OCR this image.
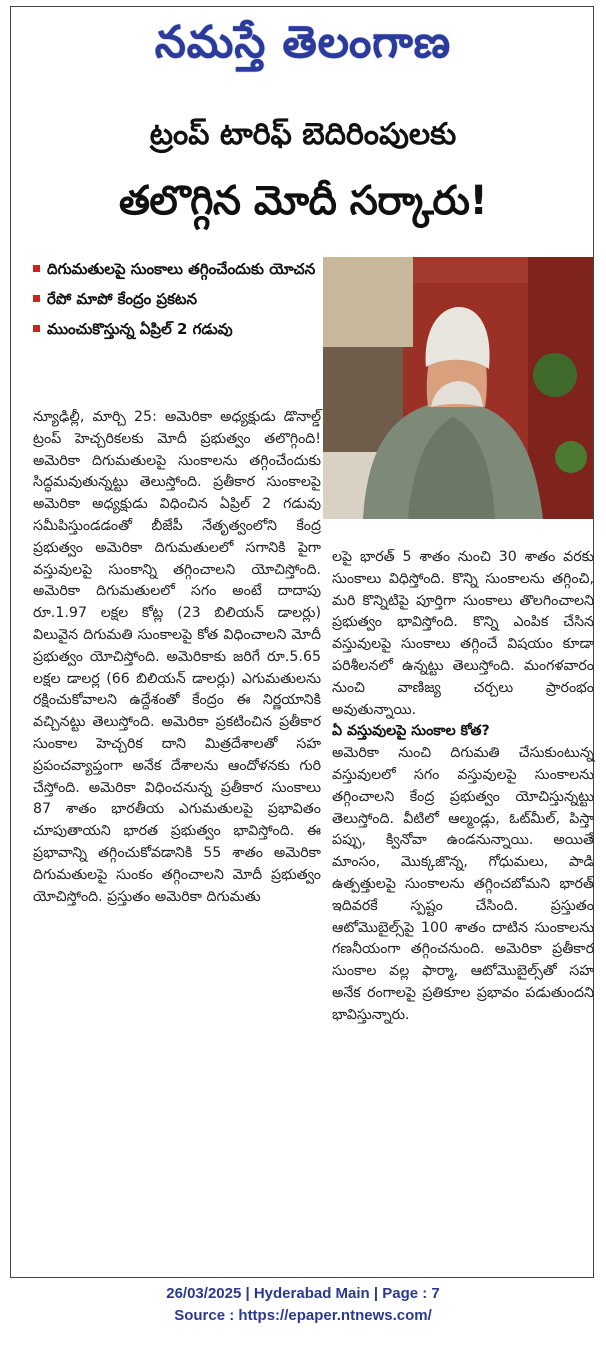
నమస్తే తెలంగాణ
ట్రంప్ టారిఫ్ బెదిరింపులకు
తలొగ్గిన మోదీ సర్కారు!
దిగుమతులపై సుంకాలు తగ్గించేందుకు యోచన
రేపో మాపో కేంద్రం ప్రకటన
ముంచుకొస్తున్న ఏప్రిల్ 2 గడువు

న్యూఢిల్లీ, మార్చి 25: అమెరికా అధ్యక్షుడు డొనాల్డ్ ట్రంప్ హెచ్చరికలకు మోదీ ప్రభుత్వం తలొగ్గింది! అమెరికా దిగుమతులపై సుంకాలను తగ్గించేందుకు సిద్ధమవుతున్నట్టు తెలుస్తోంది. ప్రతీకార సుంకాలపై అమెరికా అధ్యక్షుడు విధించిన ఏప్రిల్ 2 గడువు సమీపిస్తుండడంతో బీజేపీ నేతృత్వంలోని కేంద్ర ప్రభుత్వం అమెరికా దిగుమతులలో సగానికి పైగా వస్తువులపై సుంకాన్ని తగ్గించాలని యోచిస్తోంది. అమెరికా దిగుమతులలో సగం అంటే దాదాపు రూ.1.97 లక్షల కోట్ల (23 బిలియన్ డాలర్లు) విలువైన దిగుమతి సుంకాలపై కోత విధించాలని మోదీ ప్రభుత్వం యోచిస్తోంది. అమెరికాకు జరిగే రూ.5.65 లక్షల డాలర్ల (66 బిలియన్ డాలర్లు) ఎగుమతులను రక్షించుకోవాలని ఉద్దేశంతో కేంద్రం ఈ నిర్ణయానికి వచ్చినట్టు తెలుస్తోంది. అమెరికా ప్రకటించిన ప్రతీకార సుంకాల హెచ్చరిక దాని మిత్రదేశాలతో సహ ప్రపంచవ్యాప్తంగా అనేక దేశాలను ఆందోళనకు గురి చేస్తోంది. అమెరికా విధించనున్న ప్రతీకార సుంకాలు 87 శాతం భారతీయ ఎగుమతులపై ప్రభావితం చూపుతాయని భారత ప్రభుత్వం భావిస్తోంది. ఈ ప్రభావాన్ని తగ్గించుకోవడానికి 55 శాతం అమెరికా దిగుమతులపై సుంకం తగ్గించాలని మోదీ ప్రభుత్వం యోచిస్తోంది. ప్రస్తుతం అమెరికా దిగుమతు

లపై భారత్ 5 శాతం నుంచి 30 శాతం వరకు సుంకాలు విధిస్తోంది. కొన్ని సుంకాలను తగ్గించి, మరి కొన్నిటిపై పూర్తిగా సుంకాలు తొలగించాలని ప్రభుత్వం భావిస్తోంది. కొన్ని ఎంపిక చేసిన వస్తువులపై సుంకాలు తగ్గించే విషయం కూడా పరిశీలనలో ఉన్నట్టు తెలుస్తోంది. మంగళవారం నుంచి వాణిజ్య చర్చలు ప్రారంభం అవుతున్నాయి.

ఏ వస్తువులపై సుంకాల కోత?

అమెరికా నుంచి దిగుమతి చేసుకుంటున్న వస్తువులలో సగం వస్తువులపై సుంకాలను తగ్గించాలని కేంద్ర ప్రభుత్వం యోచిస్తున్నట్టు తెలుస్తోంది. వీటిలో ఆల్మండ్లు, ఓట్‌మీల్, పిస్తా పప్పు, క్వినోవా ఉండనున్నాయి. అయితే మాంసం, మొక్కజొన్న, గోధుమలు, పాడి ఉత్పత్తులపై సుంకాలను తగ్గించబోమని భారత్ ఇదివరకే స్పష్టం చేసింది. ప్రస్తుతం ఆటోమొబైల్స్‌పై 100 శాతం దాటిన సుంకాలను గణనీయంగా తగ్గించనుంది. అమెరికా ప్రతీకార సుంకాల వల్ల ఫార్మా, ఆటోమొబైల్స్‌తో సహ అనేక రంగాలపై ప్రతికూల ప్రభావం పడుతుందని భావిస్తున్నారు.

26/03/2025 | Hyderabad Main | Page : 7
Source : https://epaper.ntnews.com/
